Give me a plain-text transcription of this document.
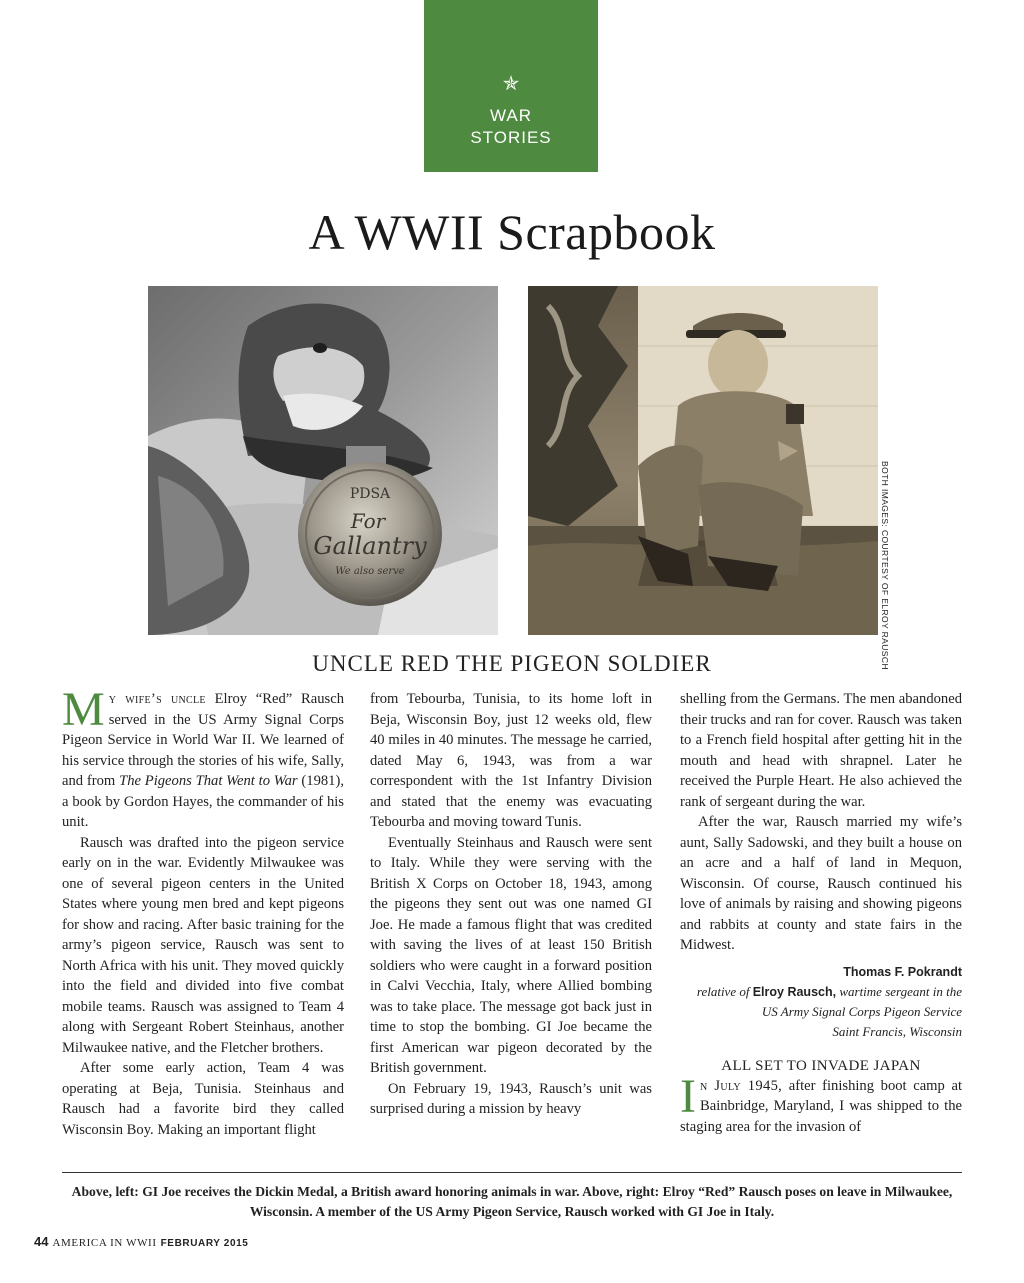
✯
WAR
STORIES
A WWII Scrapbook
PDSA
For
Gallantry
We also serve	BOTH IMAGES: COURTESY OF ELROY RAUSCH
UNCLE RED THE PIGEON SOLDIER

My wife’s uncle Elroy “Red” Rausch served in the US Army Signal Corps Pigeon Service in World War II. We learned of his service through the stories of his wife, Sally, and from The Pigeons That Went to War (1981), a book by Gordon Hayes, the commander of his unit.

Rausch was drafted into the pigeon service early on in the war. Evidently Milwaukee was one of several pigeon centers in the United States where young men bred and kept pigeons for show and racing. After basic training for the army’s pigeon service, Rausch was sent to North Africa with his unit. They moved quickly into the field and divided into five combat mobile teams. Rausch was assigned to Team 4 along with Sergeant Robert Steinhaus, another Milwaukee native, and the Fletcher brothers.

After some early action, Team 4 was operating at Beja, Tunisia. Steinhaus and Rausch had a favorite bird they called Wisconsin Boy. Making an important flight

from Tebourba, Tunisia, to its home loft in Beja, Wisconsin Boy, just 12 weeks old, flew 40 miles in 40 minutes. The message he carried, dated May 6, 1943, was from a war correspondent with the 1st Infantry Division and stated that the enemy was evacuating Tebourba and moving toward Tunis.

Eventually Steinhaus and Rausch were sent to Italy. While they were serving with the British X Corps on October 18, 1943, among the pigeons they sent out was one named GI Joe. He made a famous flight that was credited with saving the lives of at least 150 British soldiers who were caught in a forward position in Calvi Vecchia, Italy, where Allied bombing was to take place. The message got back just in time to stop the bombing. GI Joe became the first American war pigeon decorated by the British government.

On February 19, 1943, Rausch’s unit was surprised during a mission by heavy

shelling from the Germans. The men abandoned their trucks and ran for cover. Rausch was taken to a French field hospital after getting hit in the mouth and head with shrapnel. Later he received the Purple Heart. He also achieved the rank of sergeant during the war.

After the war, Rausch married my wife’s aunt, Sally Sadowski, and they built a house on an acre and a half of land in Mequon, Wisconsin. Of course, Rausch continued his love of animals by raising and showing pigeons and rabbits at county and state fairs in the Midwest.

Thomas F. Pokrandt
relative of Elroy Rausch, wartime sergeant in the US Army Signal Corps Pigeon Service
Saint Francis, Wisconsin
ALL SET TO INVADE JAPAN

In July 1945, after finishing boot camp at Bainbridge, Maryland, I was shipped to the staging area for the invasion of

Above, left: GI Joe receives the Dickin Medal, a British award honoring animals in war. Above, right: Elroy “Red” Rausch poses on leave in Milwaukee, Wisconsin. A member of the US Army Pigeon Service, Rausch worked with GI Joe in Italy.
44 AMERICA IN WWII FEBRUARY 2015
